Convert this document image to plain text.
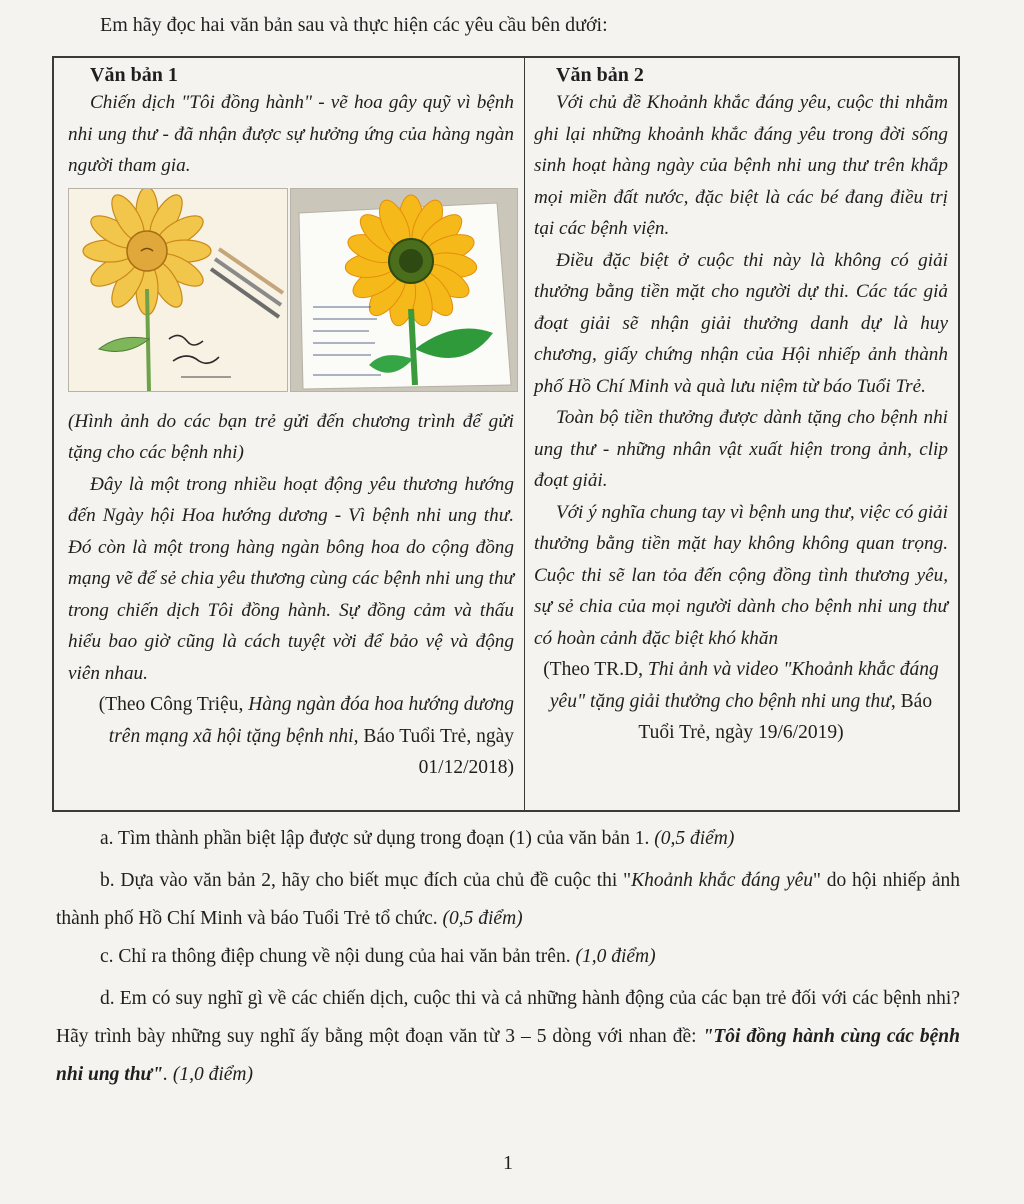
Em hãy đọc hai văn bản sau và thực hiện các yêu cầu bên dưới:
Văn bản 1

Chiến dịch "Tôi đồng hành" - vẽ hoa gây quỹ vì bệnh nhi ung thư - đã nhận được sự hưởng ứng của hàng ngàn người tham gia.

(Hình ảnh do các bạn trẻ gửi đến chương trình để gửi tặng cho các bệnh nhi)

Đây là một trong nhiều hoạt động yêu thương hướng đến Ngày hội Hoa hướng dương - Vì bệnh nhi ung thư. Đó còn là một trong hàng ngàn bông hoa do cộng đồng mạng vẽ để sẻ chia yêu thương cùng các bệnh nhi ung thư trong chiến dịch Tôi đồng hành. Sự đồng cảm và thấu hiểu bao giờ cũng là cách tuyệt vời để bảo vệ và động viên nhau.

(Theo Công Triệu, Hàng ngàn đóa hoa hướng dương trên mạng xã hội tặng bệnh nhi, Báo Tuổi Trẻ, ngày 01/12/2018)

Văn bản 2

Với chủ đề Khoảnh khắc đáng yêu, cuộc thi nhằm ghi lại những khoảnh khắc đáng yêu trong đời sống sinh hoạt hàng ngày của bệnh nhi ung thư trên khắp mọi miền đất nước, đặc biệt là các bé đang điều trị tại các bệnh viện.

Điều đặc biệt ở cuộc thi này là không có giải thưởng bằng tiền mặt cho người dự thi. Các tác giả đoạt giải sẽ nhận giải thưởng danh dự là huy chương, giấy chứng nhận của Hội nhiếp ảnh thành phố Hồ Chí Minh và quà lưu niệm từ báo Tuổi Trẻ.

Toàn bộ tiền thưởng được dành tặng cho bệnh nhi ung thư - những nhân vật xuất hiện trong ảnh, clip đoạt giải.

Với ý nghĩa chung tay vì bệnh ung thư, việc có giải thưởng bằng tiền mặt hay không không quan trọng. Cuộc thi sẽ lan tỏa đến cộng đồng tình thương yêu, sự sẻ chia của mọi người dành cho bệnh nhi ung thư có hoàn cảnh đặc biệt khó khăn

(Theo TR.D, Thi ảnh và video "Khoảnh khắc đáng yêu" tặng giải thưởng cho bệnh nhi ung thư, Báo Tuổi Trẻ, ngày 19/6/2019)

a. Tìm thành phần biệt lập được sử dụng trong đoạn (1) của văn bản 1. (0,5 điểm)
b. Dựa vào văn bản 2, hãy cho biết mục đích của chủ đề cuộc thi "Khoảnh khắc đáng yêu" do hội nhiếp ảnh thành phố Hồ Chí Minh và báo Tuổi Trẻ tổ chức. (0,5 điểm)
c. Chỉ ra thông điệp chung về nội dung của hai văn bản trên. (1,0 điểm)
d. Em có suy nghĩ gì về các chiến dịch, cuộc thi và cả những hành động của các bạn trẻ đối với các bệnh nhi? Hãy trình bày những suy nghĩ ấy bằng một đoạn văn từ 3 – 5 dòng với nhan đề: "Tôi đồng hành cùng các bệnh nhi ung thư". (1,0 điểm)
1
